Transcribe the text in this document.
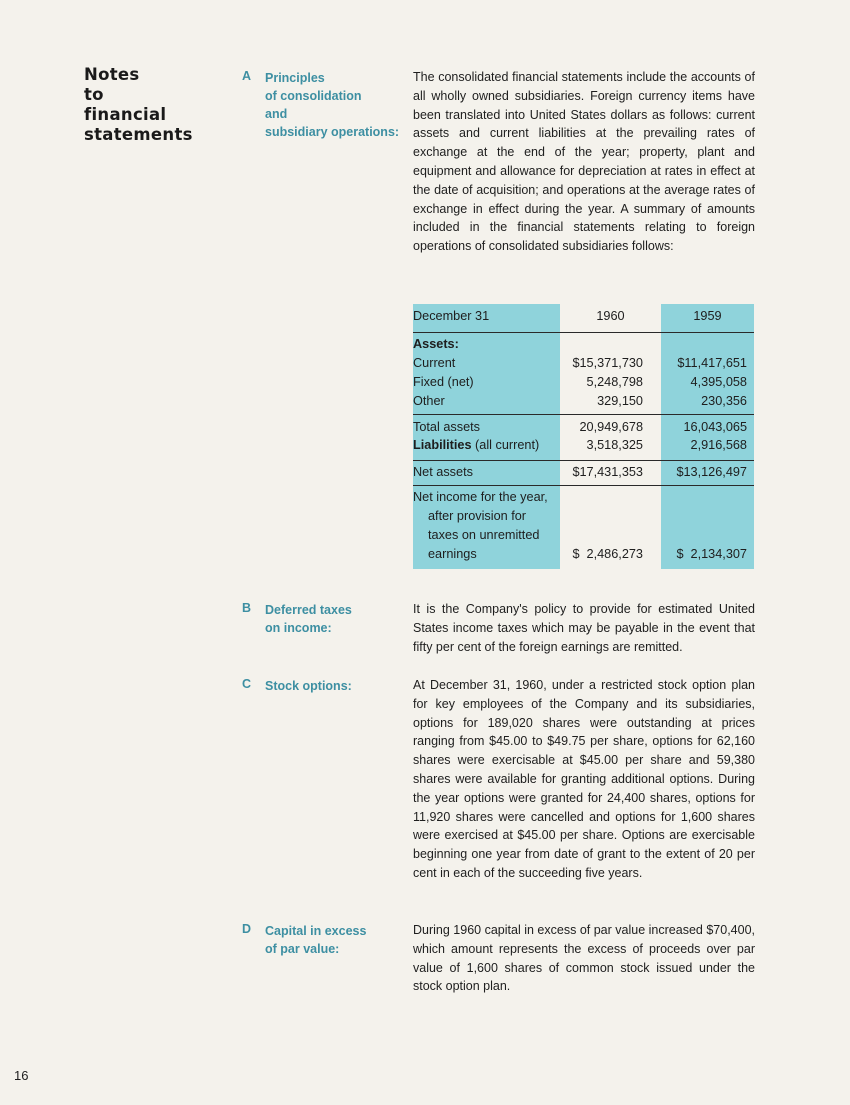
Notes
to
financial
statements
A	Principles
of consolidation
and
subsidiary operations:

The consolidated financial statements include the accounts of all wholly owned subsidiaries. Foreign currency items have been translated into United States dollars as follows: current assets and current liabilities at the prevailing rates of exchange at the end of the year; property, plant and equipment and allowance for depreciation at rates in effect at the date of acquisition; and operations at the average rates of exchange in effect during the year. A summary of amounts included in the financial statements relating to foreign operations of consolidated subsidiaries follows:

December 31	1960	1959
Assets:
Current	$15,371,730	$11,417,651
Fixed (net)	5,248,798	4,395,058
Other	329,150	230,356
Total assets	20,949,678	16,043,065
Liabilities (all current)	3,518,325	2,916,568
Net assets	$17,431,353	$13,126,497
Net income for the year,
after provision for
taxes on unremitted
earnings	$  2,486,273	$  2,134,307
B	Deferred taxes
on income:

It is the Company's policy to provide for estimated United States income taxes which may be payable in the event that fifty per cent of the foreign earnings are remitted.

C	Stock options:	At December 31, 1960, under a restricted stock option plan for key employees of the Company and its subsidiaries, options for 189,020 shares were outstanding at prices ranging from $45.00 to $49.75 per share, options for 62,160 shares were exercisable at $45.00 per share and 59,380 shares were available for granting additional options. During the year options were granted for 24,400 shares, options for 11,920 shares were cancelled and options for 1,600 shares were exercised at $45.00 per share. Options are exercisable beginning one year from date of grant to the extent of 20 per cent in each of the succeeding five years.

D	Capital in excess
of par value:

During 1960 capital in excess of par value increased $70,400, which amount represents the excess of proceeds over par value of 1,600 shares of common stock issued under the stock option plan.

16
